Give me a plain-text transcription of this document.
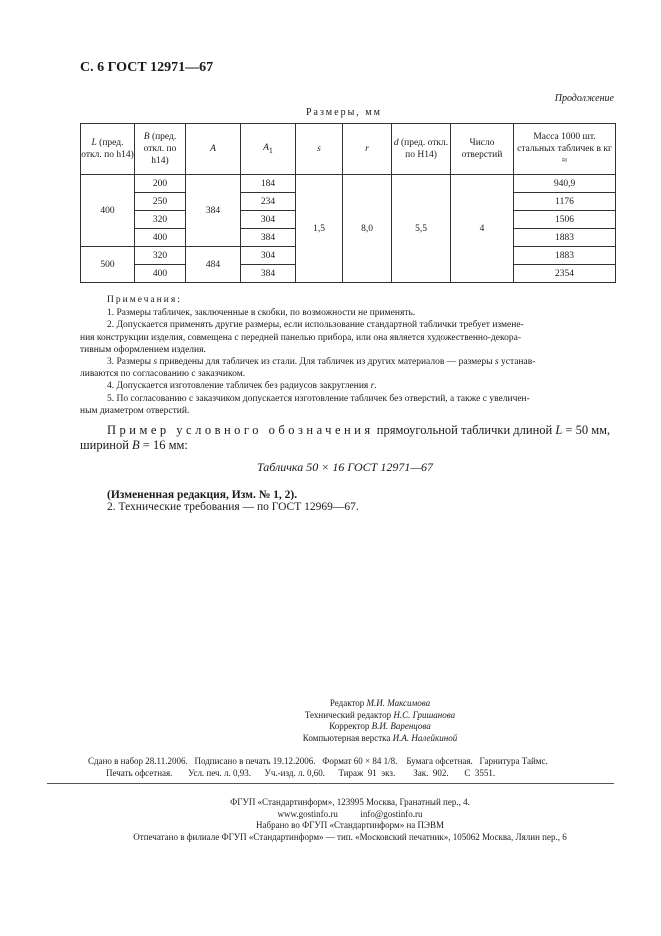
С. 6 ГОСТ 12971—67
Продолжение
Размеры, мм
L (пред. откл. по h14)	B (пред. откл. по h14)	A	$A_1$	s	r	d (пред. откл. по H14)	Число отверстий	Масса 1000 шт. стальных табличек в кг ≈
400	200	384	184	1,5	8,0	5,5	4	940,9
	250		234					1176
	320		304					1506
	400		384					1883
500	320	484	304					1883
	400		384					2354
Примечания:

1. Размеры табличек, заключенные в скобки, по возможности не применять.

2. Допускается применять другие размеры, если использование стандартной таблички требует измене-

ния конструкции изделия, совмещена с передней панелью прибора, или она является художественно-декора-

тивным оформлением изделия.

3. Размеры s приведены для табличек из стали. Для табличек из других материалов — размеры s устанав-

ливаются по согласованию с заказчиком.

4. Допускается изготовление табличек без радиусов закругления r.

5. По согласованию с заказчиком допускается изготовление табличек без отверстий, а также с увеличен-

ным диаметром отверстий.

Пример условного обозначения прямоугольной таблички длиной L = 50 мм,
шириной B = 16 мм:
Табличка 50 × 16 ГОСТ 12971—67
(Измененная редакция, Изм. № 1, 2).
2. Технические требования — по ГОСТ 12969—67.
Редактор М.И. Максимова
Технический редактор Н.С. Гришанова
Корректор В.И. Варенцова
Компьютерная верстка И.А. Налейкиной
Сдано в набор 28.11.2006.   Подписано в печать 19.12.2006.   Формат 60 × 84 1/8.    Бумага офсетная.   Гарнитура Таймс.
Печать офсетная.       Усл. печ. л. 0,93.      Уч.-изд. л. 0,60.      Тираж  91  экз.        Зак.  902.       С  3551.
ФГУП «Стандартинформ», 123995 Москва, Гранатный пер., 4.
www.gostinfo.ru          info@gostinfo.ru
Набрано во ФГУП «Стандартинформ» на ПЭВМ
Отпечатано в филиале ФГУП «Стандартинформ» — тип. «Московский печатник», 105062 Москва, Лялин пер., 6
